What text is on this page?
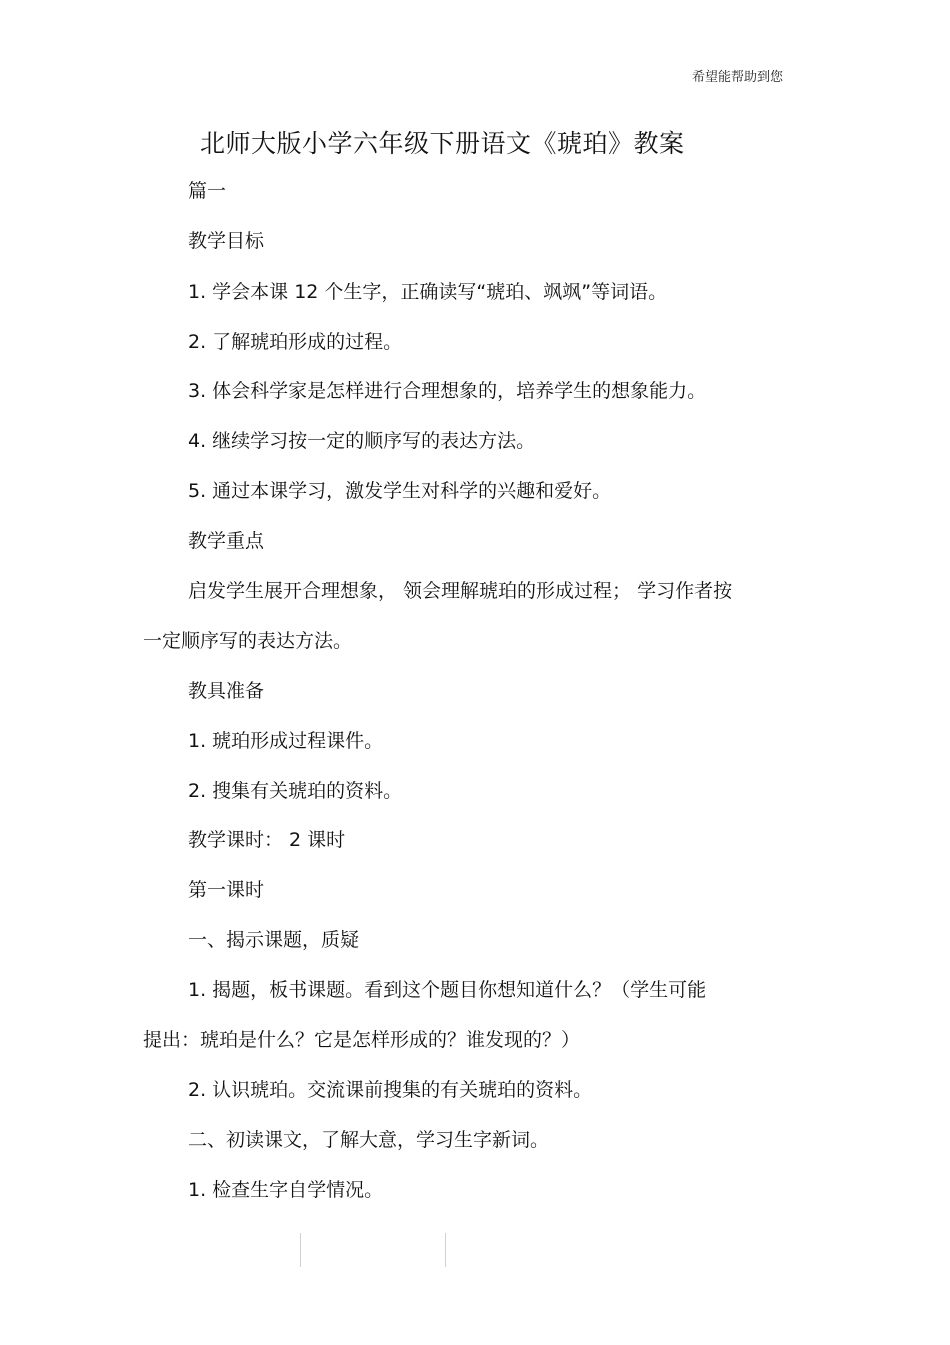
希望能帮助到您
北师大版小学六年级下册语文《琥珀》教案
篇一
教学目标
1. 学会本课 12 个生字，正确读写“琥珀、飒飒”等词语。
2. 了解琥珀形成的过程。
3. 体会科学家是怎样进行合理想象的，培养学生的想象能力。
4. 继续学习按一定的顺序写的表达方法。
5. 通过本课学习，激发学生对科学的兴趣和爱好。
教学重点
启发学生展开合理想象， 领会理解琥珀的形成过程； 学习作者按
一定顺序写的表达方法。
教具准备
1. 琥珀形成过程课件。
2. 搜集有关琥珀的资料。
教学课时： 2 课时
第一课时
一、揭示课题，质疑
1. 揭题，板书课题。看到这个题目你想知道什么？（学生可能
提出：琥珀是什么？它是怎样形成的？谁发现的？）
2. 认识琥珀。交流课前搜集的有关琥珀的资料。
二、初读课文，了解大意，学习生字新词。
1. 检查生字自学情况。
